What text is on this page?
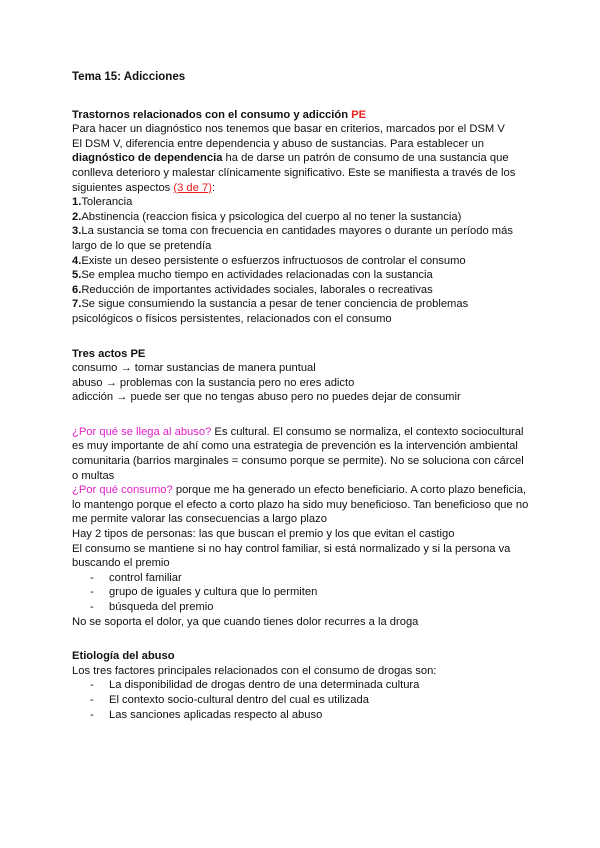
Tema 15: Adicciones

Trastornos relacionados con el consumo y adicción PE

Para hacer un diagnóstico nos tenemos que basar en criterios, marcados por el DSM V

El DSM V, diferencia entre dependencia y abuso de sustancias. Para establecer un diagnóstico de dependencia ha de darse un patrón de consumo de una sustancia que conlleva deterioro y malestar clínicamente significativo. Este se manifiesta a través de los siguientes aspectos (3 de 7):

1.Tolerancia

2.Abstinencia (reaccion fisica y psicologica del cuerpo al no tener la sustancia)

3.La sustancia se toma con frecuencia en cantidades mayores o durante un período más largo de lo que se pretendía

4.Existe un deseo persistente o esfuerzos infructuosos de controlar el consumo

5.Se emplea mucho tiempo en actividades relacionadas con la sustancia

6.Reducción de importantes actividades sociales, laborales o recreativas

7.Se sigue consumiendo la sustancia a pesar de tener conciencia de problemas psicológicos o físicos persistentes, relacionados con el consumo

Tres actos PE

consumo → tomar sustancias de manera puntual

abuso → problemas con la sustancia pero no eres adicto

adicción → puede ser que no tengas abuso pero no puedes dejar de consumir

¿Por qué se llega al abuso? Es cultural. El consumo se normaliza, el contexto sociocultural es muy importante de ahí como una estrategia de prevención es la intervención ambiental comunitaria (barrios marginales = consumo porque se permite). No se soluciona con cárcel o multas

¿Por qué consumo? porque me ha generado un efecto beneficiario. A corto plazo beneficia, lo mantengo porque el efecto a corto plazo ha sido muy beneficioso. Tan beneficioso que no me permite valorar las consecuencias a largo plazo

Hay 2 tipos de personas: las que buscan el premio y los que evitan el castigo

El consumo se mantiene si no hay control familiar, si está normalizado y si la persona va buscando el premio

- control familiar
- grupo de iguales y cultura que lo permiten
- búsqueda del premio

No se soporta el dolor, ya que cuando tienes dolor recurres a la droga

Etiología del abuso

Los tres factores principales relacionados con el consumo de drogas son:

- La disponibilidad de drogas dentro de una determinada cultura
- El contexto socio-cultural dentro del cual es utilizada
- Las sanciones aplicadas respecto al abuso
